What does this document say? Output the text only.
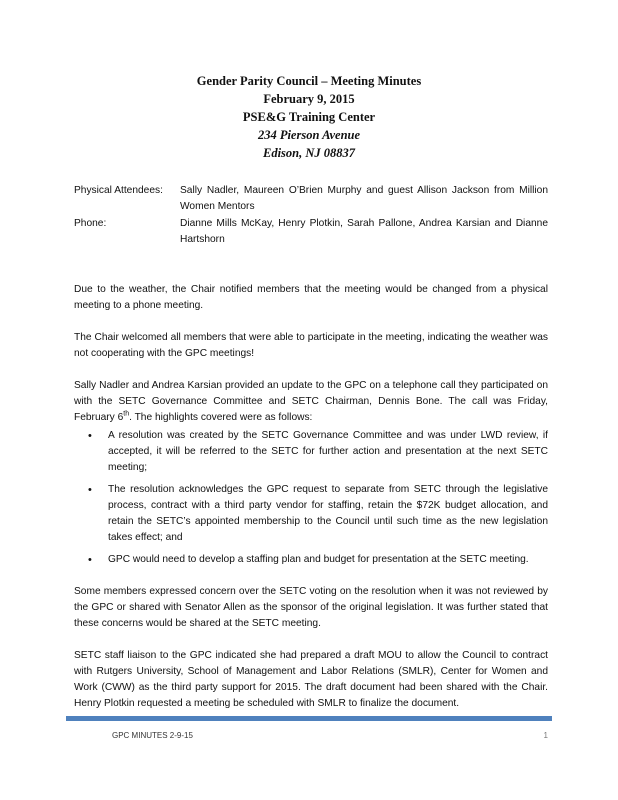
Gender Parity Council – Meeting Minutes
February 9, 2015
PSE&G Training Center
234 Pierson Avenue
Edison, NJ 08837
Physical Attendees:	Sally Nadler, Maureen O’Brien Murphy and guest Allison Jackson from Million Women Mentors
Phone:	Dianne Mills McKay, Henry Plotkin, Sarah Pallone, Andrea Karsian and Dianne Hartshorn

Due to the weather, the Chair notified members that the meeting would be changed from a physical meeting to a phone meeting.

The Chair welcomed all members that were able to participate in the meeting, indicating the weather was not cooperating with the GPC meetings!

Sally Nadler and Andrea Karsian provided an update to the GPC on a telephone call they participated on with the SETC Governance Committee and SETC Chairman, Dennis Bone. The call was Friday, February 6th. The highlights covered were as follows:

• A resolution was created by the SETC Governance Committee and was under LWD review, if accepted, it will be referred to the SETC for further action and presentation at the next SETC meeting;
• The resolution acknowledges the GPC request to separate from SETC through the legislative process, contract with a third party vendor for staffing, retain the $72K budget allocation, and retain the SETC’s appointed membership to the Council until such time as the new legislation takes effect; and
• GPC would need to develop a staffing plan and budget for presentation at the SETC meeting.

Some members expressed concern over the SETC voting on the resolution when it was not reviewed by the GPC or shared with Senator Allen as the sponsor of the original legislation. It was further stated that these concerns would be shared at the SETC meeting.

SETC staff liaison to the GPC indicated she had prepared a draft MOU to allow the Council to contract with Rutgers University, School of Management and Labor Relations (SMLR), Center for Women and Work (CWW) as the third party support for 2015. The draft document had been shared with the Chair. Henry Plotkin requested a meeting be scheduled with SMLR to finalize the document.

GPC MINUTES 2-9-15	1
